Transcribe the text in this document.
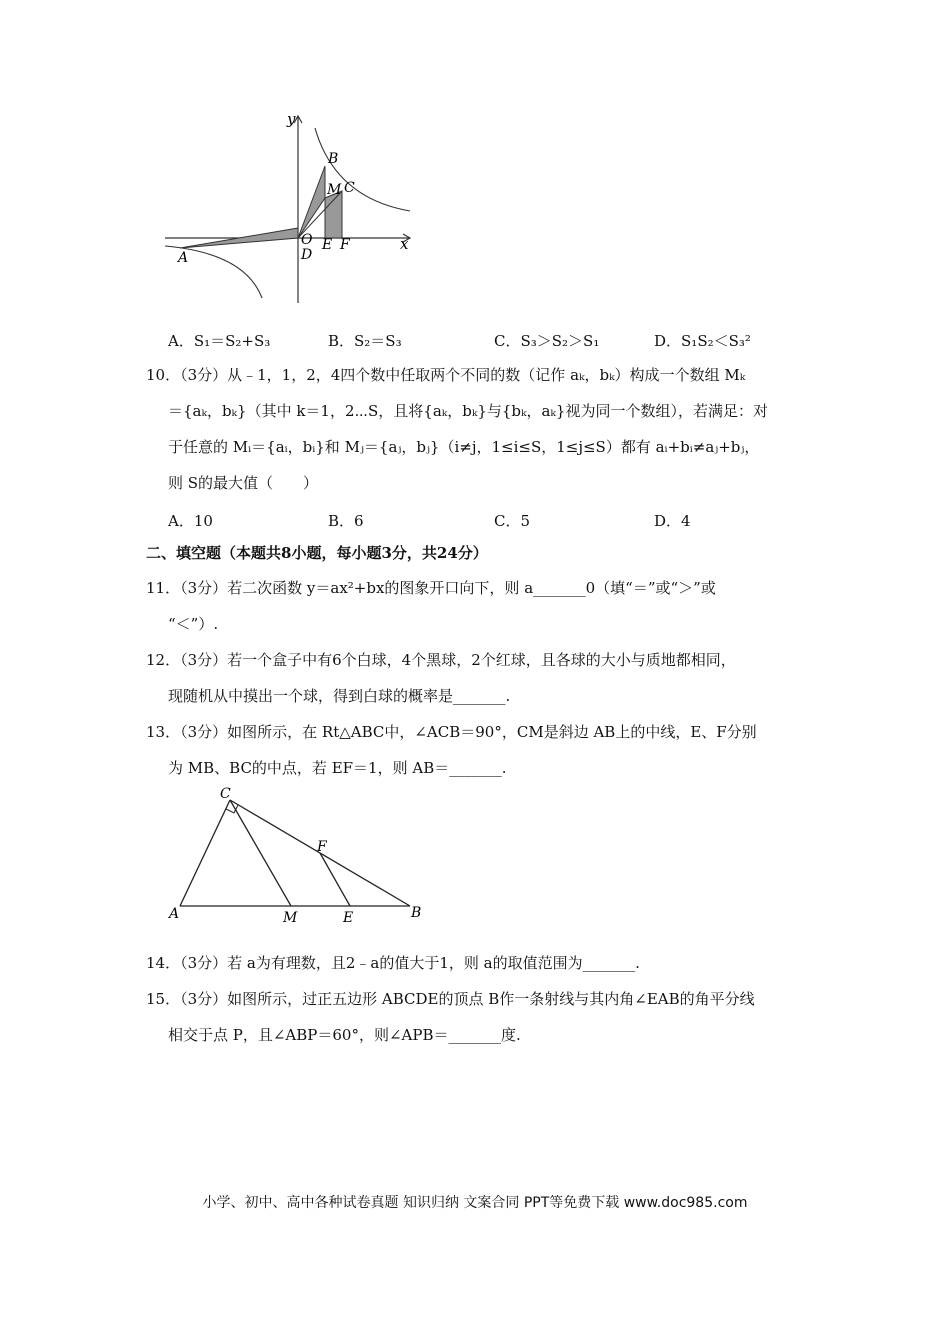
y
x
O
D
E F
B
M C
A
A．S₁＝S₂+S₃	B．S₂＝S₃	C．S₃＞S₂＞S₁	D．S₁S₂＜S₃²
10．（3分）从﹣1，1，2，4四个数中任取两个不同的数（记作 aₖ，bₖ）构成一个数组 Mₖ
＝{aₖ，bₖ}（其中 k＝1，2⋯S，且将{aₖ，bₖ}与{bₖ，aₖ}视为同一个数组），若满足：对
于任意的 Mᵢ＝{aᵢ，bᵢ}和 Mⱼ＝{aⱼ，bⱼ}（i≠j，1≤i≤S，1≤j≤S）都有 aᵢ+bᵢ≠aⱼ+bⱼ，
则 S的最大值（　　）
A．10	B．6	C．5	D．4
二、填空题（本题共8小题，每小题3分，共24分）
11．（3分）若二次函数 y＝ax²+bx的图象开口向下，则 a_______0（填“＝”或“＞”或
“＜”）.
12．（3分）若一个盒子中有6个白球，4个黑球，2个红球，且各球的大小与质地都相同，
现随机从中摸出一个球，得到白球的概率是_______.
13．（3分）如图所示，在 Rt△ABC中，∠ACB＝90°，CM是斜边 AB上的中线，E、F分别
为 MB、BC的中点，若 EF＝1，则 AB＝_______.
C
A	M	E	B
F
14．（3分）若 a为有理数，且2﹣a的值大于1，则 a的取值范围为_______.
15．（3分）如图所示，过正五边形 ABCDE的顶点 B作一条射线与其内角∠EAB的角平分线
相交于点 P，且∠ABP＝60°，则∠APB＝_______度.
小学、初中、高中各种试卷真题 知识归纳 文案合同 PPT等免费下载 www.doc985.com
